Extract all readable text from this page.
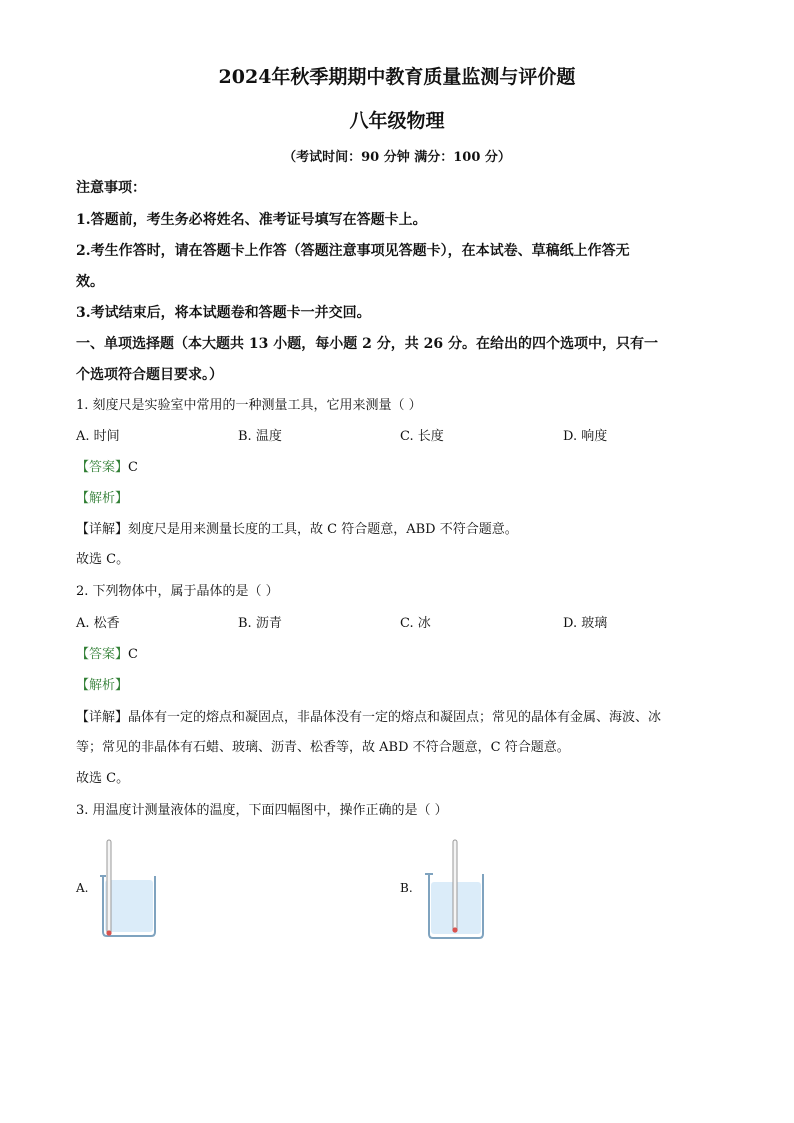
2024年秋季期期中教育质量监测与评价题
八年级物理
（考试时间：90 分钟 满分：100 分）
注意事项：
1.答题前，考生务必将姓名、准考证号填写在答题卡上。
2.考生作答时，请在答题卡上作答（答题注意事项见答题卡），在本试卷、草稿纸上作答无
效。
3.考试结束后，将本试题卷和答题卡一并交回。
一、单项选择题（本大题共 13 小题，每小题 2 分，共 26 分。在给出的四个选项中，只有一
个选项符合题目要求。）
1. 刻度尺是实验室中常用的一种测量工具，它用来测量（ ）
A. 时间	B. 温度	C. 长度	D. 响度
【答案】C
【解析】
【详解】刻度尺是用来测量长度的工具，故 C 符合题意，ABD 不符合题意。
故选 C。
2. 下列物体中，属于晶体的是（ ）
A. 松香	B. 沥青	C. 冰	D. 玻璃
【答案】C
【解析】
【详解】晶体有一定的熔点和凝固点，非晶体没有一定的熔点和凝固点；常见的晶体有金属、海波、冰
等；常见的非晶体有石蜡、玻璃、沥青、松香等，故 ABD 不符合题意，C 符合题意。
故选 C。
3. 用温度计测量液体的温度，下面四幅图中，操作正确的是（ ）
A.	B.
